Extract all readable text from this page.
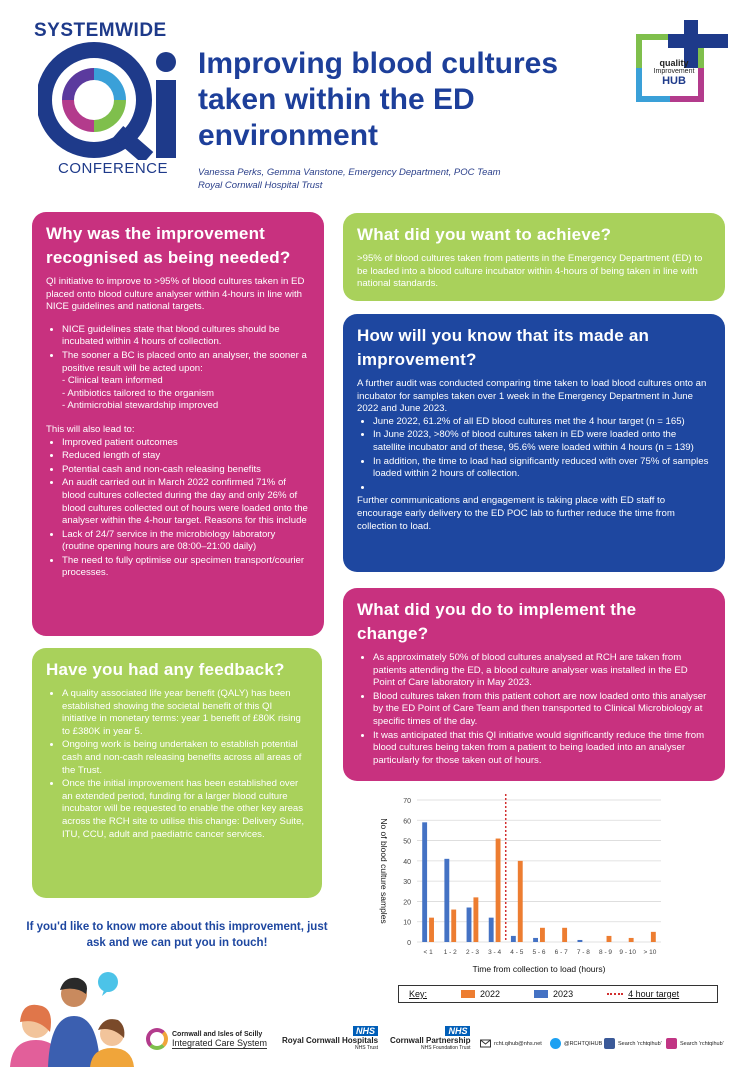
SYSTEMWIDE
CONFERENCE
Improving blood cultures taken within the ED environment
Vanessa Perks, Gemma Vanstone, Emergency Department, POC Team
Royal Cornwall Hospital Trust
quality
Improvement
HUB
Why was the improvement recognised as being needed?

QI initiative to improve to >95% of blood cultures taken in ED placed onto blood culture analyser within 4-hours in line with NICE guidelines and national targets.

• NICE guidelines state that blood cultures should be incubated within 4 hours of collection.
• The sooner a BC is placed onto an analyser, the sooner a positive result will be acted upon:
- Clinical team informed
- Antibiotics tailored to the organism
- Antimicrobial stewardship improved

This will also lead to:

• Improved patient outcomes
• Reduced length of stay
• Potential cash and non-cash releasing benefits
• An audit carried out in March 2022 confirmed 71% of blood cultures collected during the day and only 26% of blood cultures collected out of hours were loaded onto the analyser within the 4-hour target. Reasons for this include
• Lack of 24/7 service in the microbiology laboratory (routine opening hours are 08:00–21:00 daily)
• The need to fully optimise our specimen transport/courier processes.
Have you had any feedback?
• A quality associated life year benefit (QALY) has been established showing the societal benefit of this QI initiative in monetary terms: year 1 benefit of £80K rising to £380K in year 5.
• Ongoing work is being undertaken to establish potential cash and non-cash releasing benefits across all areas of the Trust.
• Once the initial improvement has been established over an extended period, funding for a larger blood culture incubator will be requested to enable the other key areas across the RCH site to utilise this change: Delivery Suite, ITU, CCU, adult and paediatric cancer services.
What did you want to achieve?

>95% of blood cultures taken from patients in the Emergency Department (ED) to be loaded into a blood culture incubator within 4-hours of being taken in line with national standards.

How will you know that its made an improvement?

A further audit was conducted comparing time taken to load blood cultures onto an incubator for samples taken over 1 week in the Emergency Department in June 2022 and June 2023.

• June 2022, 61.2% of all ED blood cultures met the 4 hour target (n = 165)
• In June 2023, >80% of blood cultures taken in ED were loaded onto the satellite incubator and of these, 95.6% were loaded within 4 hours (n = 139)
• In addition, the time to load had significantly reduced with over 75% of samples loaded within 2 hours of collection.
•

Further communications and engagement is taking place with ED staff to encourage early delivery to the ED POC lab to further reduce the time from collection to load.

What did you do to implement the change?
• As approximately 50% of blood cultures analysed at RCH are taken from patients attending the ED, a blood culture analyser was installed in the ED Point of Care laboratory in May 2023.
• Blood cultures taken from this patient cohort are now loaded onto this analyser by the ED Point of Care Team and then transported to Clinical Microbiology at specific times of the day.
• It was anticipated that this QI initiative would significantly reduce the time from blood cultures being taken from a patient to being loaded into an analyser particularly for those taken out of hours.
0
10
20
30
40
50
60
70
< 1 1 - 2 2 - 3 3 - 4 4 - 5 5 - 6 6 - 7 7 - 8 8 - 9 9 - 10 > 10
No of blood culture samples
Time from collection to load (hours)
Key:	2022	2023	4 hour target
If you'd like to know more about this improvement, just ask and we can put you in touch!
Cornwall and Isles of Scilly
Integrated Care System
NHS
Royal Cornwall Hospitals
NHS Trust
NHS
Cornwall Partnership
NHS Foundation Trust
rcht.qihub@nhs.net	@RCHTQIHUB	Search 'rchtqihub'	Search 'rchtqihub'
